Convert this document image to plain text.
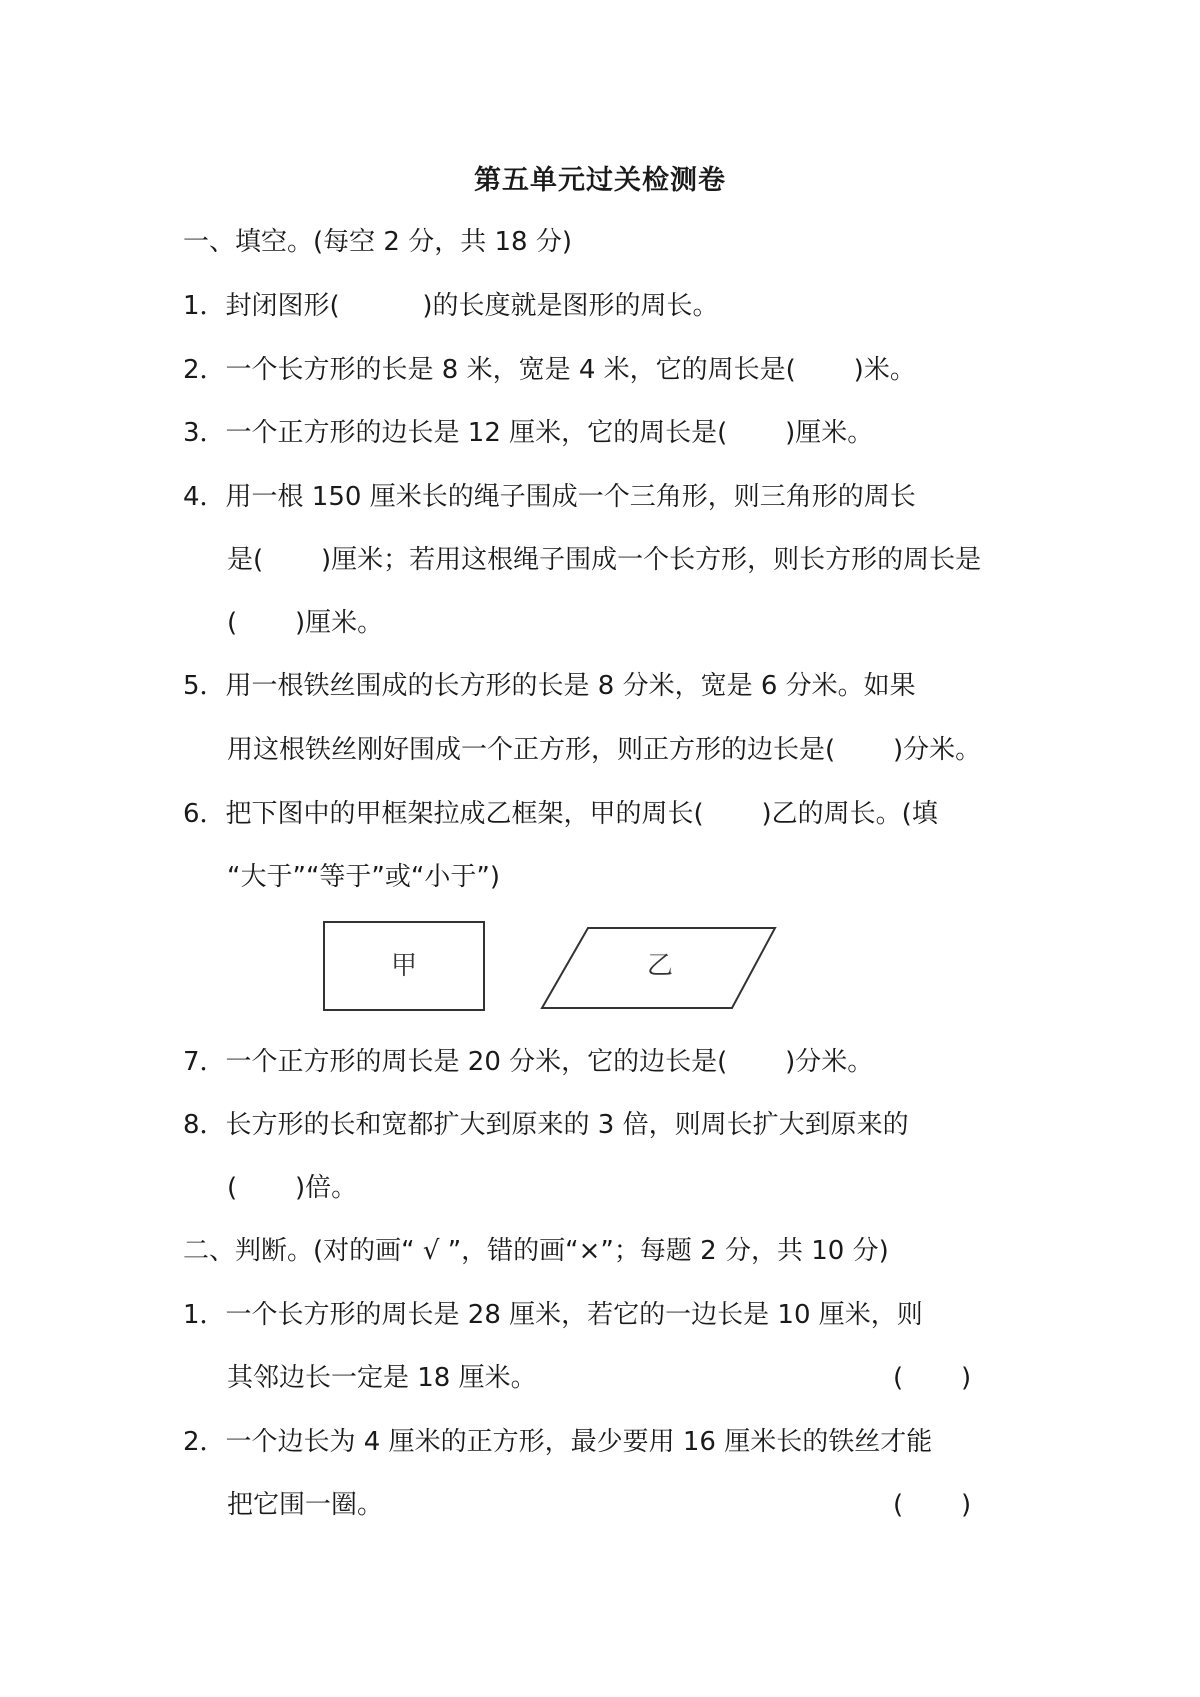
第五单元过关检测卷
一、填空。(每空 2 分，共 18 分)
1．封闭图形(          )的长度就是图形的周长。
2．一个长方形的长是 8 米，宽是 4 米，它的周长是(       )米。
3．一个正方形的边长是 12 厘米，它的周长是(       )厘米。
4．用一根 150 厘米长的绳子围成一个三角形，则三角形的周长
是(       )厘米；若用这根绳子围成一个长方形，则长方形的周长是
(       )厘米。
5．用一根铁丝围成的长方形的长是 8 分米，宽是 6 分米。如果
用这根铁丝刚好围成一个正方形，则正方形的边长是(       )分米。
6．把下图中的甲框架拉成乙框架，甲的周长(       )乙的周长。(填
“大于”“等于”或“小于”)
甲	乙
7．一个正方形的周长是 20 分米，它的边长是(       )分米。
8．长方形的长和宽都扩大到原来的 3 倍，则周长扩大到原来的
(       )倍。
二、判断。(对的画“ √ ”，错的画“×”；每题 2 分，共 10 分)
1．一个长方形的周长是 28 厘米，若它的一边长是 10 厘米，则
其邻边长一定是 18 厘米。	(       )
2．一个边长为 4 厘米的正方形，最少要用 16 厘米长的铁丝才能
把它围一圈。	(       )
